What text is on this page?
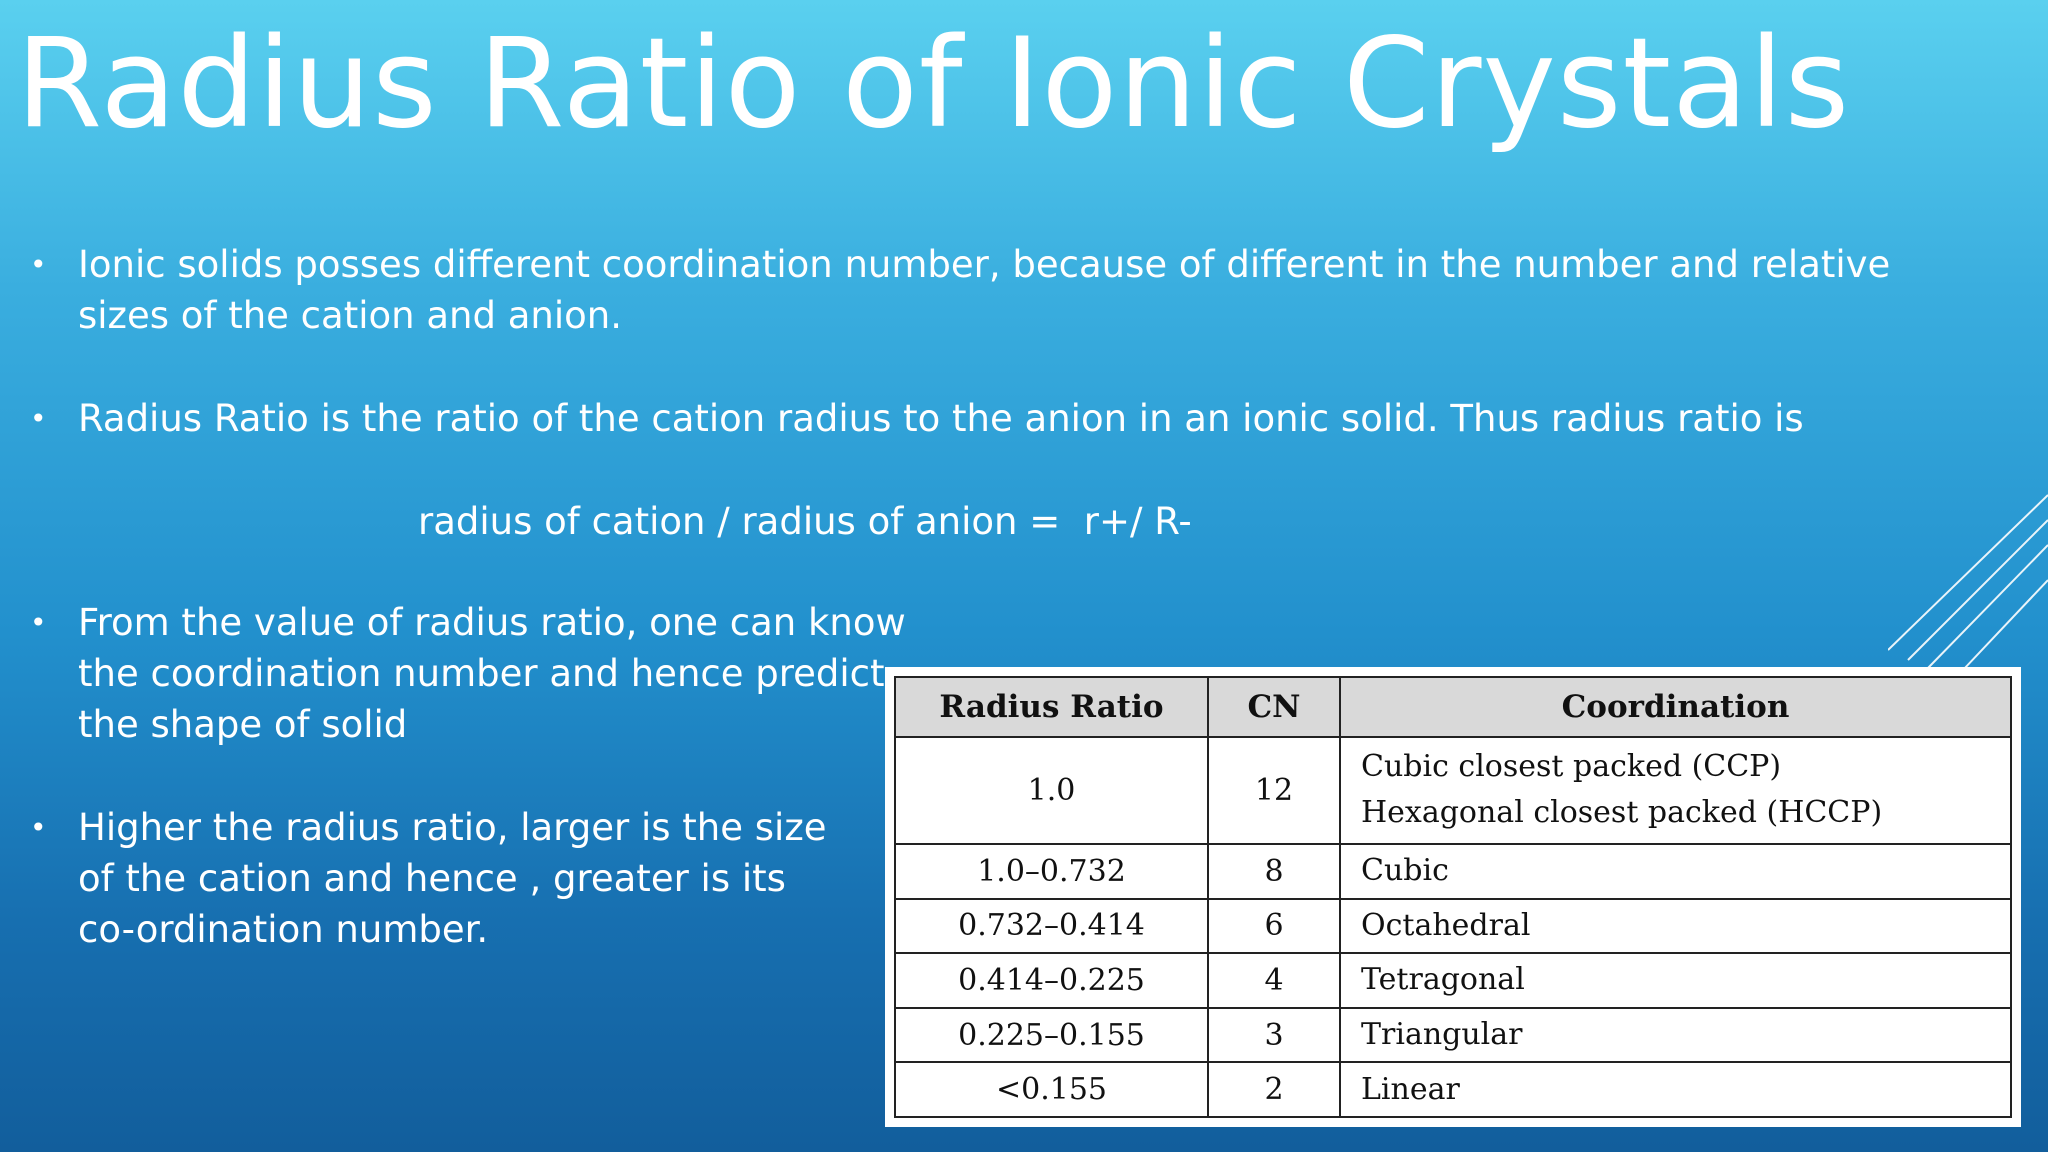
Radius Ratio of Ionic Crystals
• Ionic solids posses different coordination number, because of different in the number and relative sizes of the cation and anion.
• Radius Ratio is the ratio of the cation radius to the anion in an ionic solid. Thus radius ratio is
radius of cation / radius of anion =  r+/ R-
• From the value of radius ratio, one can know the coordination number and hence predict the shape of solid
• Higher the radius ratio, larger is the size of the cation and hence , greater is its co-ordination number.
Radius Ratio	CN	Coordination
1.0	12	Cubic closest packed (CCP)
Hexagonal closest packed (HCCP)

1.0–0.732	8	Cubic
0.732–0.414	6	Octahedral
0.414–0.225	4	Tetragonal
0.225–0.155	3	Triangular
<0.155	2	Linear
